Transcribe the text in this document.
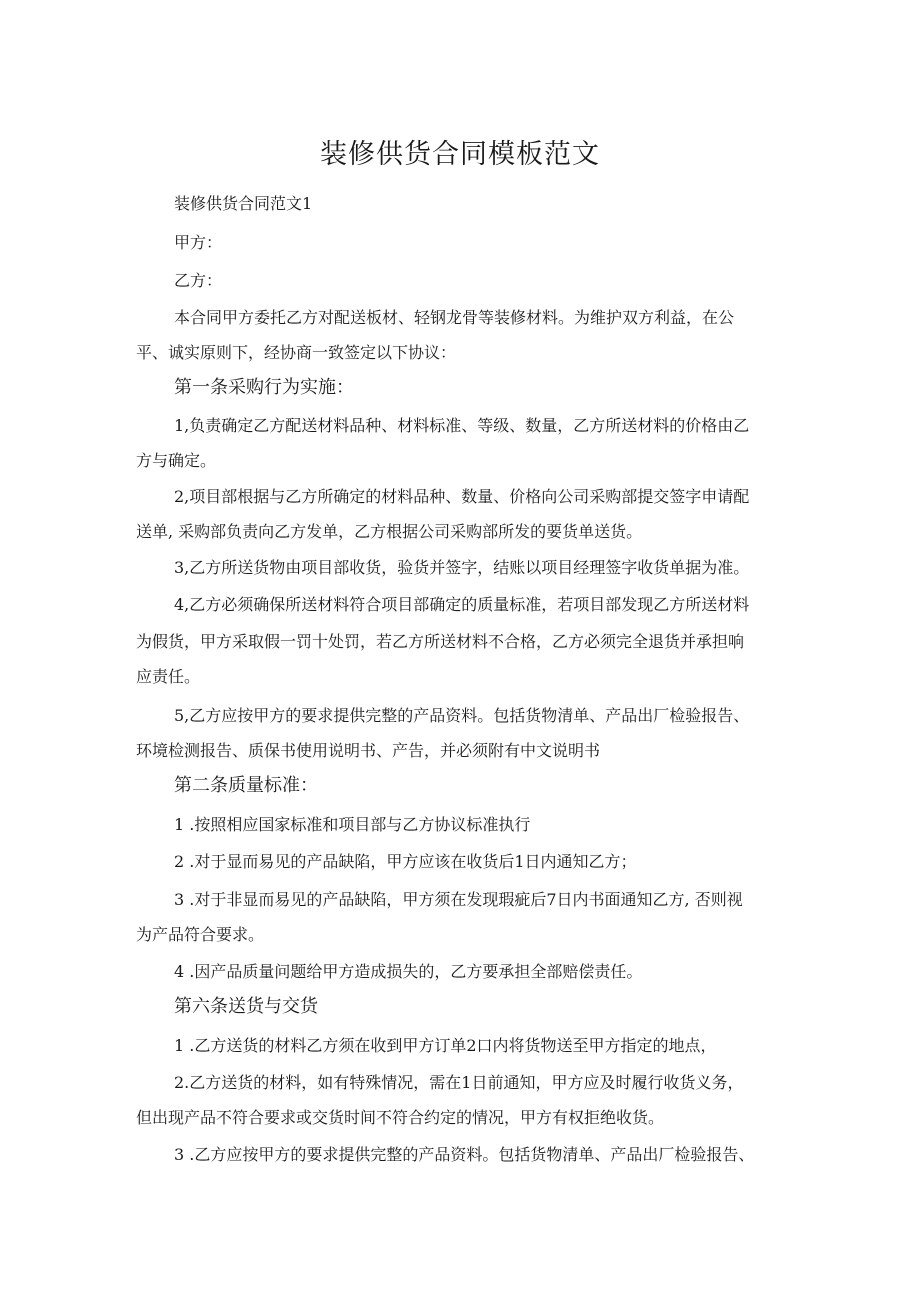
装修供货合同模板范文
装修供货合同范文1
甲方：
乙方：
本合同甲方委托乙方对配送板材、轻钢龙骨等装修材料。为维护双方利益，在公
平、诚实原则下，经协商一致签定以下协议：
第一条采购行为实施：
1,负责确定乙方配送材料品种、材料标准、等级、数量，乙方所送材料的价格由乙
方与确定。
2,项目部根据与乙方所确定的材料品种、数量、价格向公司采购部提交签字申请配
送单, 采购部负责向乙方发单，乙方根据公司采购部所发的要货单送货。
3,乙方所送货物由项目部收货，验货并签字，结账以项目经理签字收货单据为准。
4,乙方必须确保所送材料符合项目部确定的质量标准，若项目部发现乙方所送材料
为假货，甲方采取假一罚十处罚，若乙方所送材料不合格，乙方必须完全退货并承担响
应责任。
5,乙方应按甲方的要求提供完整的产品资料。包括货物清单、产品出厂检验报告、
环境检测报告、质保书使用说明书、产告，并必须附有中文说明书
第二条质量标准：
1 .按照相应国家标准和项目部与乙方协议标准执行
2 .对于显而易见的产品缺陷，甲方应该在收货后1日内通知乙方；
3 .对于非显而易见的产品缺陷，甲方须在发现瑕疵后7日内书面通知乙方, 否则视
为产品符合要求。
4 .因产品质量问题给甲方造成损失的，乙方要承担全部赔偿责任。
第六条送货与交货
1 .乙方送货的材料乙方须在收到甲方订单2口内将货物送至甲方指定的地点，
2.乙方送货的材料，如有特殊情况，需在1日前通知，甲方应及时履行收货义务，
但出现产品不符合要求或交货时间不符合约定的情况，甲方有权拒绝收货。
3 .乙方应按甲方的要求提供完整的产品资料。包括货物清单、产品出厂检验报告、
